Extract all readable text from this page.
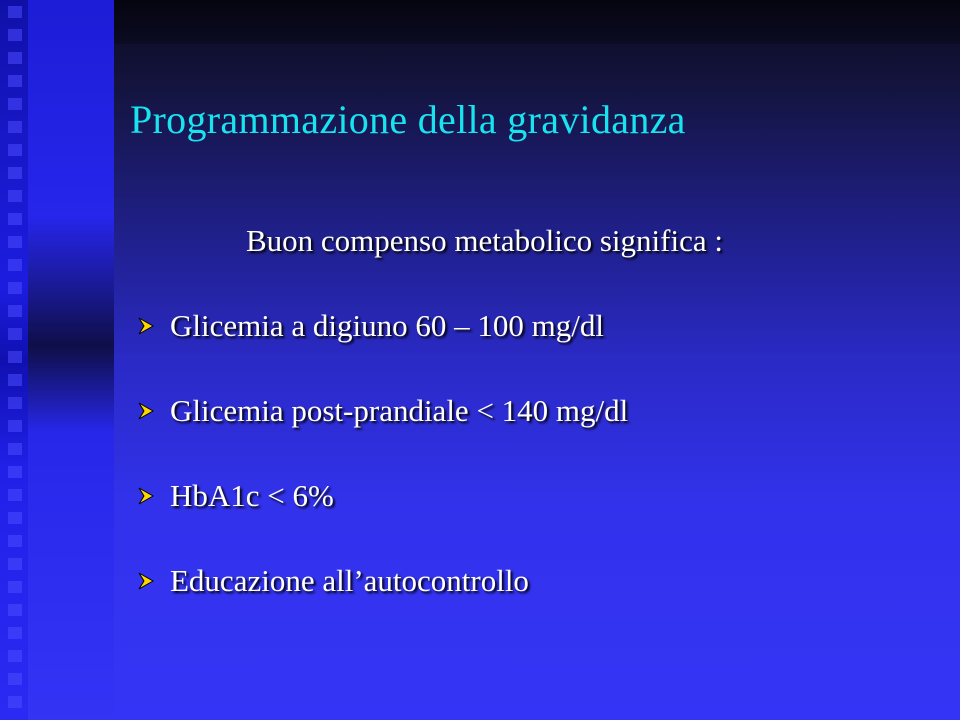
Programmazione della gravidanza
Buon compenso metabolico significa :
Glicemia a digiuno 60 – 100 mg/dl
Glicemia post-prandiale < 140 mg/dl
HbA1c < 6%
Educazione all’autocontrollo
